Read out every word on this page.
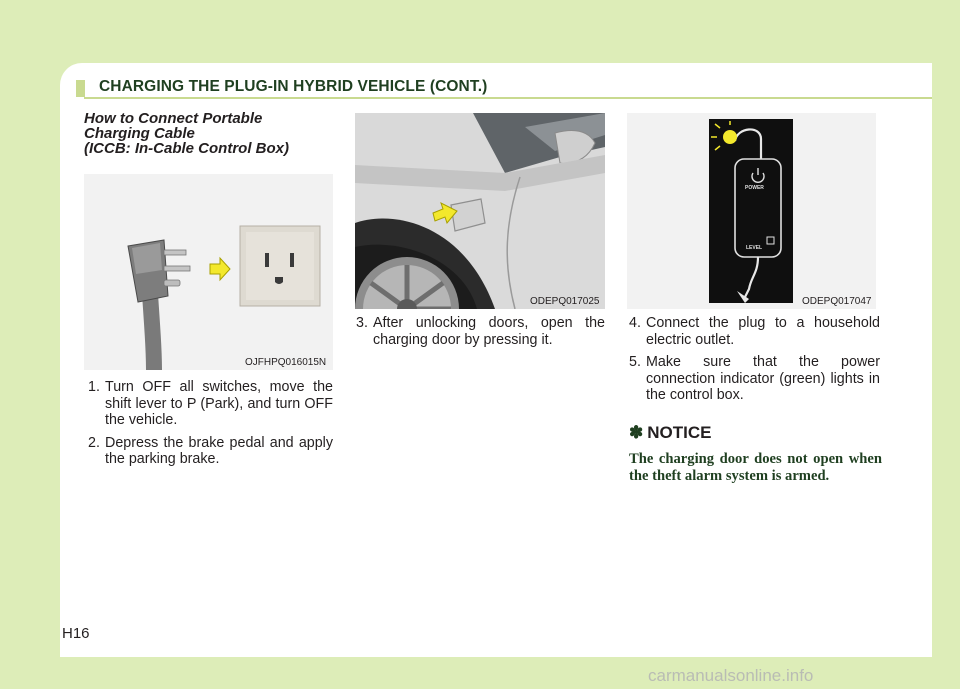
CHARGING THE PLUG-IN HYBRID VEHICLE (CONT.)
How to Connect Portable
Charging Cable
(ICCB: In-Cable Control Box)
OJFHPQ016015N
ODEPQ017025
POWER
LEVEL
ODEPQ017047
1. Turn OFF all switches, move the shift lever to P (Park), and turn OFF the vehicle.
2. Depress the brake pedal and apply the parking brake.
3. After unlocking doors, open the charging door by pressing it.
4. Connect the plug to a household electric outlet.
5. Make sure that the power connection indicator (green) lights in the control box.
✽ NOTICE
The charging door does not open when the theft alarm system is armed.
H16
carmanualsonline.info
